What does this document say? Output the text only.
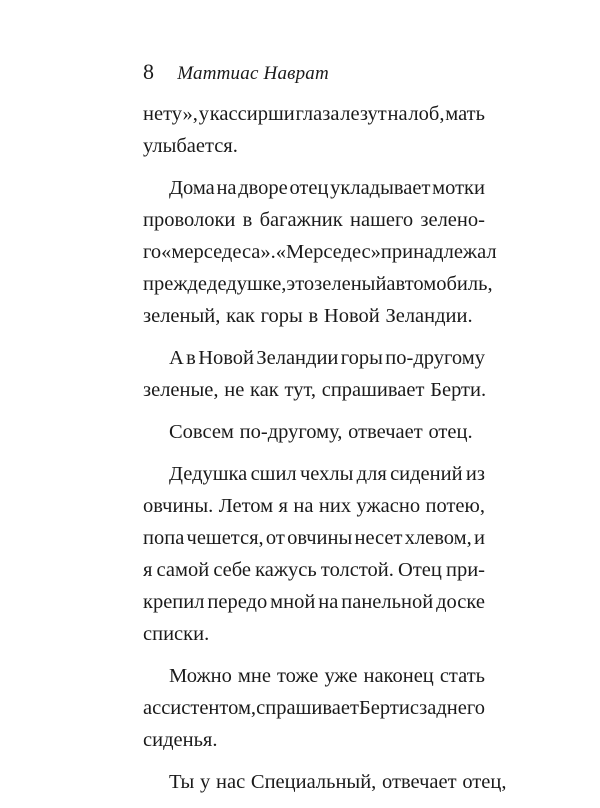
8 Маттиас Наврат
нету», у кассирши глаза лезут на лоб, мать
улыбается.
Дома на дворе отец укладывает мотки
проволоки в багажник нашего зелено-
го «мерседеса». «Мерседес» принадлежал
прежде дедушке, это зеленый автомобиль,
зеленый, как горы в Новой Зеландии.
А в Новой Зеландии горы по-другому
зеленые, не как тут, спрашивает Берти.
Совсем по-другому, отвечает отец.
Дедушка сшил чехлы для сидений из
овчины. Летом я на них ужасно потею,
попа чешется, от овчины несет хлевом, и
я самой себе кажусь толстой. Отец при-
крепил передо мной на панельной доске
списки.
Можно мне тоже уже наконец стать
ассистентом, спрашивает Берти с заднего
сиденья.
Ты у нас Специальный, отвечает отец,
